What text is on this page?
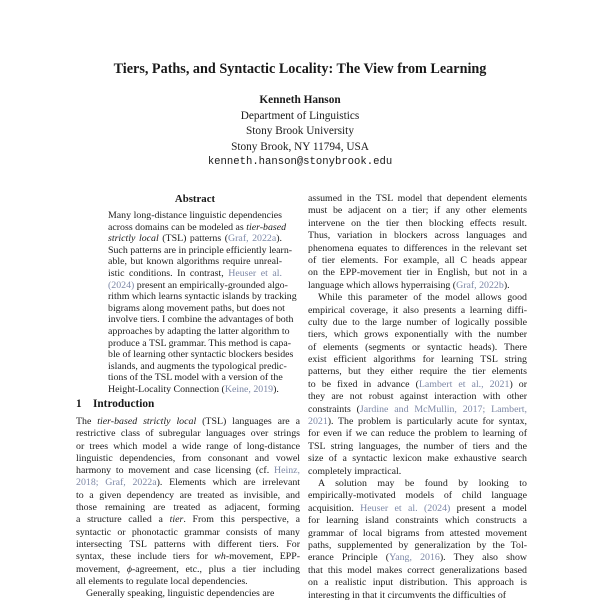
Tiers, Paths, and Syntactic Locality: The View from Learning
Kenneth Hanson
Department of Linguistics
Stony Brook University
Stony Brook, NY 11794, USA
kenneth.hanson@stonybrook.edu
Abstract
Many long-distance linguistic dependencies
across domains can be modeled as tier-based
strictly local (TSL) patterns (Graf, 2022a).
Such patterns are in principle efficiently learn-
able, but known algorithms require unreal-
istic conditions. In contrast, Heuser et al.
(2024) present an empirically-grounded algo-
rithm which learns syntactic islands by tracking
bigrams along movement paths, but does not
involve tiers. I combine the advantages of both
approaches by adapting the latter algorithm to
produce a TSL grammar. This method is capa-
ble of learning other syntactic blockers besides
islands, and augments the typological predic-
tions of the TSL model with a version of the
Height-Locality Connection (Keine, 2019).
1 Introduction
The tier-based strictly local (TSL) languages are a
restrictive class of subregular languages over strings
or trees which model a wide range of long-distance
linguistic dependencies, from consonant and vowel
harmony to movement and case licensing (cf. Heinz,
2018; Graf, 2022a). Elements which are irrelevant
to a given dependency are treated as invisible, and
those remaining are treated as adjacent, forming
a structure called a tier. From this perspective, a
syntactic or phonotactic grammar consists of many
intersecting TSL patterns with different tiers. For
syntax, these include tiers for wh-movement, EPP-
movement, ϕ-agreement, etc., plus a tier including
all elements to regulate local dependencies.
Generally speaking, linguistic dependencies are
assumed in the TSL model that dependent elements
must be adjacent on a tier; if any other elements
intervene on the tier then blocking effects result.
Thus, variation in blockers across languages and
phenomena equates to differences in the relevant set
of tier elements. For example, all C heads appear
on the EPP-movement tier in English, but not in a
language which allows hyperraising (Graf, 2022b).
While this parameter of the model allows good
empirical coverage, it also presents a learning diffi-
culty due to the large number of logically possible
tiers, which grows exponentially with the number
of elements (segments or syntactic heads). There
exist efficient algorithms for learning TSL string
patterns, but they either require the tier elements
to be fixed in advance (Lambert et al., 2021) or
they are not robust against interaction with other
constraints (Jardine and McMullin, 2017; Lambert,
2021). The problem is particularly acute for syntax,
for even if we can reduce the problem to learning of
TSL string languages, the number of tiers and the
size of a syntactic lexicon make exhaustive search
completely impractical.
A solution may be found by looking to
empirically-motivated models of child language
acquisition. Heuser et al. (2024) present a model
for learning island constraints which constructs a
grammar of local bigrams from attested movement
paths, supplemented by generalization by the Tol-
erance Principle (Yang, 2016). They also show
that this model makes correct generalizations based
on a realistic input distribution. This approach is
interesting in that it circumvents the difficulties of
